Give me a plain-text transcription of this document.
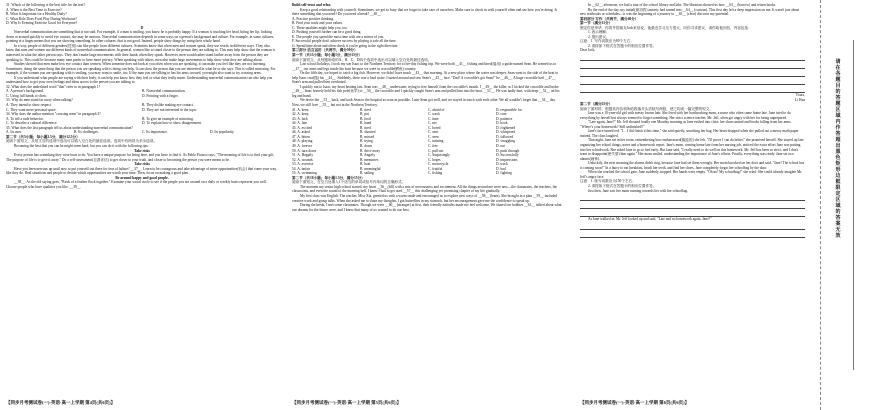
31. Which of the following is the best title for the text?

A. When is the Best Time to Exercise?

B. What Is Important for a Healthy Daily?

C. What Role Does Food Play During Workouts?

D. Why Is Evening Exercise Good for Everyone?

D

Nonverbal communication are something that is not said. For example, if a man is smiling, you know he is probably happy. If a woman is touching her head, biting her lip, looking down or around quickly to avoid eye contact, she may be anxious. Nonverbal communication depends in some ways on a person's background and culture. For example, in some cultures, pointing at a finger means that you are showing something. In other cultures, that is not good. Instead, people show things by using their whole hand.

In a way, people of different genders(性别) can like people from different cultures. Scientists know that when men and women speak, they use words in different ways. They also know that men and women use different kinds of nonverbal communication. In general, women like to stand closer to the person they are talking to. This may help show that the woman is interested in what the other person says. They don't make large movements with their hands when they speak. However, men would rather stand farther away from the person they are speaking to. This could be because many men prefer to have more privacy. When speaking with others, men also make large movements to help show what they are talking about.

Studies showed that men make less eye contact than women. When someone does not look at you often when you are speaking, it can make you feel like they are not listening. Sometimes, doing the same thing that the person you are speaking with is doing can help. It can show the person that you are interested in what he or she says. This is called mirroring. For example, if the woman you are speaking with is smiling, you may want to smile, too. If the man you are talking to has his arms crossed, you might also want to try crossing arms.

If you understand what people are saying with their body, it can help you know how they feel or what they really mean. Understanding nonverbal communication can also help you understand how to get your own feelings and ideas across to the person you are talking to.

32. What does the underlined word "that" refer to in paragraph 1?

A. A person's background.	B. Nonverbal communication.
C. Using full hands to show.	D. Pointing with a finger.

33. Why do men stand far away when talking?

A. They intend to show respect.	B. They dislike making eye contact.
C. They want more personal space.	D. They are not interested in the topic.

34. Why does the author mention "crossing arms" in paragraph 3?

A. To tell a rude behavior.	B. To give an example of mirroring.
C. To describe a cultural difference.	D. To explain how to show disagreement.

35. What does the last paragraph tell us about understanding nonverbal communication?

A. Its uses.	B. Its challenges.	C. Its importance.	D. Its popularity.

第二节（共5小题；每小题2.5分，满分12.5分）

阅读下面短文，从短文后的选项中选出可以填入空白处的最佳选项。选项中有两项为多余选项。

Becoming the best that you can be might seem hard, but you can do it with the following tips.

Take risks

Every person has something they were born to do. You have a unique purpose for being here, and you have to find it. As Pablo Picasso says, "The meaning of life is to find your gift. The purpose of life is to give it away." Do a self-assessment(自我评估) to get closer to your truth, and closer to becoming the person you were meant to be.

Take risks

Have you been nervous up until now to put yourself out there for fear of failure? __37__. Learn to be courageous and take advantage of more opportunities(机会) that come your way, like they do. Real situations and people to decide which opportunities are worth your time. Then, focus on making a good plan.

Be around happy and good people.

__38__. As the old saying goes, "Birds of a feather flock together." Examine your social circle to see if the people you are around on a daily or weekly basis represent you well. Choose people who have qualities you like. __39__.

Build self-trust and relax.

Keep a good relationship with yourself. Sometimes, we get so busy that we forget to take care of ourselves. Make sure to check in with yourself often and see how you're doing. Is there something that you need? Do you need a break? __40__.

A. Practice positive thinking.

B. Find your track and your values.

C. These qualities might help you, too.

D. Pushing yourself further can be a good thing.

E. The people you spend the most time with are a mirror of you.

F. Successful people don't achieve success by playing it safe all the time.

G. Spend time alone and often check if you're going in the right direction.

第三部分 语言运用（共两节，满分30分）

第一节（共15小题；每小题1分，满分15分）

阅读下面短文，从每题所给的A、B、C、D四个选项中选出可以填入空白处的最佳选项。

Last school holidays, I took my son Isaac to the Northern Territory for a five-day fishing trip. We were both __41__ fishing and hired(雇用) a guide named Sean. He warned us to __47__ our arms and legs inside the boat because we were in crocodile(鳄鱼) country.

On the fifth day, we hoped to catch a big fish. However, we didn't have much __43__ that morning. At a new place where the water was deeper, Sean went to the side of the boat to help Isaac cast(抛) his __44__. Suddenly, there was a loud noise. I turned around and saw Sean's __45__ face. "Dad! A crocodile's got Sean!" he __46__. A huge crocodile had __47__ Sean's arm and pulled him overboard.

I quickly ran to Isaac, my heart beating fast. Sean was __48__ underwater, trying to free himself from the crocodile's mouth. I __49__ the killer, so I kicked the crocodile and broke __49__. Isaac bravely held his fish pole(鱼竿) to __50__ the crocodile and I quickly caught Sean's arm and pulled him into the boat. __51__. He was badly hurt, with deep __52__ on his leg and hand.

We drove the __53__ back, and took Sean to the hospital as soon as possible. Later Sean got well, and we stayed in touch with each other. We all wouldn't forget that __54__ day. Now, we still love __55__ but not in the Northern Territory.

41. A. keen	B. tired	C. afraid of	D. responsible for
42. A. keep	B. put	C. wash	D. cure
43. A. luck	B. food	C. time	D. patience
44. A. line	B. hand	C. net	D. hook
45. A. excited	B. tired	C. bored	D. frightened
46. A. asked	B. shouted	C. sent	D. whispered
47. A. bitten	B. missed	C. seen	D. followed
48. A. playing	B. trying	C. training	D. struggling
49. A. forever	B. down	C. free	D. out
50. A. turn down	B. drive away	C. pull out	D. push through
51. A. Happily	B. Angrily	C. Surprisingly	D. Successfully
52. A. wounds	B. memories	C. hopes	D. impressions
53. A. exercise	B. boat	C. motorcycle	D. truck
54. A. unfair	B. meaningful	C. fruitful	D. bad
55. A. swimming	B. sailing	C. fishing	D. fighting

第二节（共10小题；每小题1.5分，满分15分）

阅读下面短文，在空白处填入1个适当的单词或括号内单词的正确形式。

The moment my senior high school started, my heart __56__(fill) with a mix of nervousness and excitement. All the things around me were new—the classmates, the teachers, the classrooms, and even the sound of the morning bell. I knew I had to get used __57__ this challenging yet promising chapter of my life gradually.

My first class was English. The teacher, Miss Xia, greeted us with a warm smile and encouraged us to explore new ways of __58__ (learn). She brought in a plan __59__ included creative work and group talks. When she asked me to share my thoughts, I got butterflies in my stomach, but her encouragement gave me the confidence to speak up.

During the break, I met some classmates. Though we were __60__ (stranger) at first, their friendly attitudes made me feel welcome. We shared our hobbies __61__ talked about what our dreams for the future were, and I knew that many of us wanted to do our best.

In __62__ afternoon, we had a tour of the school library and labs. The librarian showed us how __63__ (borrow) and return books.

By the end of the day, my initial(最初的) anxiety had turned into __64__ (curious). This first day left a deep impression on me. It wasn't just about new textbooks or schedules—it was the beginning of a journey to __65__ (clear) discover my potential.

第四部分 写作（共两节，满分40分）

第一节（满分15分）

假定你是李华，你的外国朋友Jack来信说，他最近学习压力很大，向你寻求建议，请你给他回信，内容包括：

1. 表示理解；

2. 提出建议。

注意：1. 写作词数应为80个左右；

2. 请按如下格式在答题卡的相应位置作答。

Dear Jack,

Yours,

Li Hua

第二节（满分25分）

阅读下面材料，根据其内容和所给段落开头语续写两段，使之构成一篇完整的短文。

Jane was a 10-year-old girl with messy brown hair. She lived with her hardworking mom, a nurse who often came home late. Jane tried to do everything by herself but always seemed to forget something. Her strict science teacher, Mr. Jeff, often got angry with her for being unprepared.

"Late again, Jane?" Mr. Jeff shouted loudly one Monday morning as Jane rushed into class: her shoes untied and books falling from her arms. "Where's your homework? Still unfinished?"

Jane's face turned red. "I... I did finish it this time," she said quietly, searching her bag. Her heart dropped when she pulled out a messy math paper instead. The class laughed.

That night, Jane sat in her room, remembering how embarrassed(尴尬的) she felt. "I'll prove I can do better," she promised herself. She stayed up late organizing her school things, notes and a homework report. Jane's mom, coming home late from her nursing job, noticed the extra effort Jane was putting into her schoolwork. She asked Jane to go to bed early. But Jane said, "I really need to do well on this homework. Mr. Jeff has been so strict, and I don't want to disappoint(使失望) him again." Her mom smiled, understanding the importance of Jane's efforts. Finally, everything was ready. Jane set two alarms(闹钟).

Unluckily, the next morning the alarms didn't ring, because Jane had set them wrongly. Her mom knocked on her door and said, "Jane! The school bus is coming soon!" In a hurry to eat breakfast, brush her teeth, and find her shoes, Jane completely forgot her schoolbag by the door.

When she reached the school gate, Jane suddenly stopped. Her hands were empty. "Oh no! My schoolbag!" she cried. She could already imagine Mr. Jeff's angry face.

注意：1. 续写词数应为150个左右；

2. 请按如下格式在答题卡的相应位置作答。

Just then, Jane saw her mom running towards her with her schoolbag.

As Jane walked in, Mr. Jeff looked up and said, "Late and no homework again, Jane?"

【同步月考测试卷(一)·英语·高一上学期 第4页(共6页)】	【同步月考测试卷(一)·英语·高一上学期 第5页(共6页)】	【同步月考测试卷(一)·英语·高一上学期 第6页(共6页)】
请在各题目的答题区域内作答超出黑色矩形边框限定区域的答案无效
